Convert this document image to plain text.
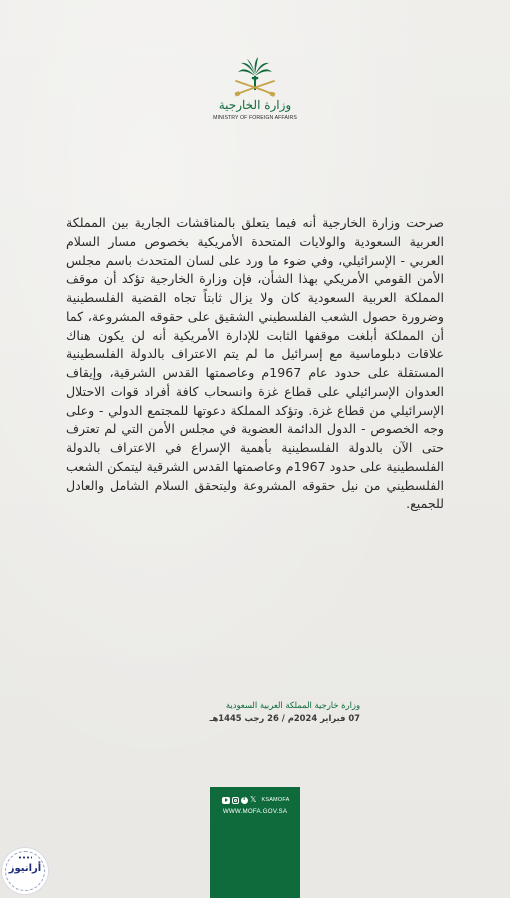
وزارة الخارجية
MINISTRY OF FOREIGN AFFAIRS

صرحت وزارة الخارجية أنه فيما يتعلق بالمناقشات الجارية بين المملكة العربية السعودية والولايات المتحدة الأمريكية بخصوص مسار السلام العربي - الإسرائيلي، وفي ضوء ما ورد على لسان المتحدث باسم مجلس الأمن القومي الأمريكي بهذا الشأن، فإن وزارة الخارجية تؤكد أن موقف المملكة العربية السعودية كان ولا يزال ثابتاً تجاه القضية الفلسطينية وضرورة حصول الشعب الفلسطيني الشقيق على حقوقه المشروعة، كما أن المملكة أبلغت موقفها الثابت للإدارة الأمريكية أنه لن يكون هناك علاقات دبلوماسية مع إسرائيل ما لم يتم الاعتراف بالدولة الفلسطينية المستقلة على حدود عام 1967م وعاصمتها القدس الشرقية، وإيقاف العدوان الإسرائيلي على قطاع غزة وانسحاب كافة أفراد قوات الاحتلال الإسرائيلي من قطاع غزة. وتؤكد المملكة دعوتها للمجتمع الدولي - وعلى وجه الخصوص - الدول الدائمة العضوية في مجلس الأمن التي لم تعترف حتى الآن بالدولة الفلسطينية بأهمية الإسراع في الاعتراف بالدولة الفلسطينية على حدود 1967م وعاصمتها القدس الشرقية ليتمكن الشعب الفلسطيني من نيل حقوقه المشروعة وليتحقق السلام الشامل والعادل للجميع.

وزارة خارجية المملكة العربية السعودية
07 فبراير 2024م / 26 رجب 1445هـ
f
𝕏 KSAMOFA
WWW.MOFA.GOV.SA
أرانيوز
